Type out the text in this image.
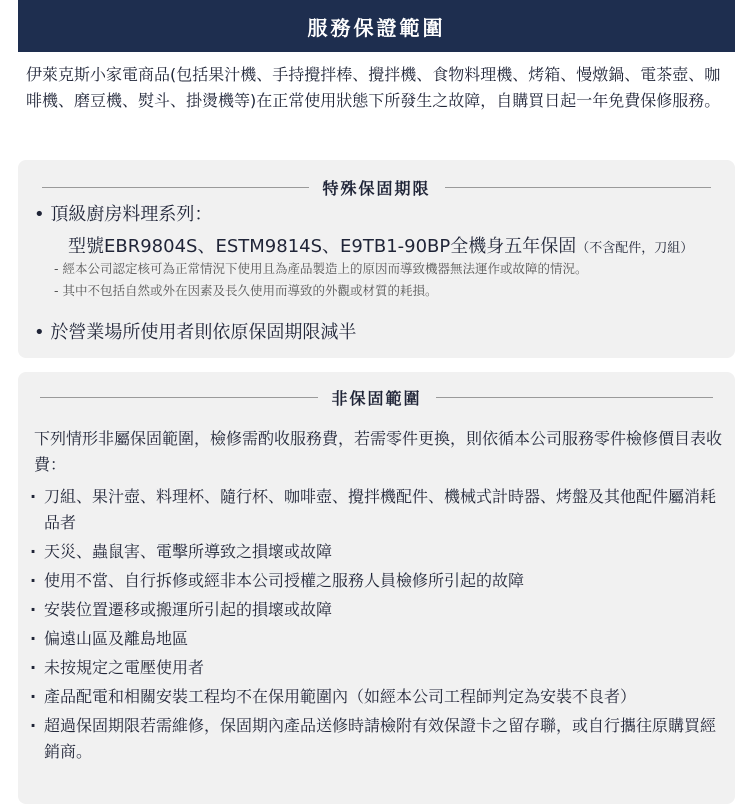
服務保證範圍
伊萊克斯小家電商品(包括果汁機、手持攪拌棒、攪拌機、食物料理機、烤箱、慢燉鍋、電茶壺、咖啡機、磨豆機、熨斗、掛燙機等)在正常使用狀態下所發生之故障，自購買日起一年免費保修服務。
特殊保固期限
• 頂級廚房料理系列：
型號EBR9804S、ESTM9814S、E9TB1-90BP全機身五年保固（不含配件，刀組）
- 經本公司認定核可為正常情況下使用且為產品製造上的原因而導致機器無法運作或故障的情況。
- 其中不包括自然或外在因素及長久使用而導致的外觀或材質的耗損。
• 於營業場所使用者則依原保固期限減半
非保固範圍
下列情形非屬保固範圍，檢修需酌收服務費，若需零件更換，則依循本公司服務零件檢修價目表收費：
· 刀組、果汁壺、料理杯、隨行杯、咖啡壺、攪拌機配件、機械式計時器、烤盤及其他配件屬消耗品者
· 天災、蟲鼠害、電擊所導致之損壞或故障
· 使用不當、自行拆修或經非本公司授權之服務人員檢修所引起的故障
· 安裝位置遷移或搬運所引起的損壞或故障
· 偏遠山區及離島地區
· 未按規定之電壓使用者
· 產品配電和相關安裝工程均不在保用範圍內（如經本公司工程師判定為安裝不良者）
· 超過保固期限若需維修，保固期內產品送修時請檢附有效保證卡之留存聯，或自行攜往原購買經銷商。
